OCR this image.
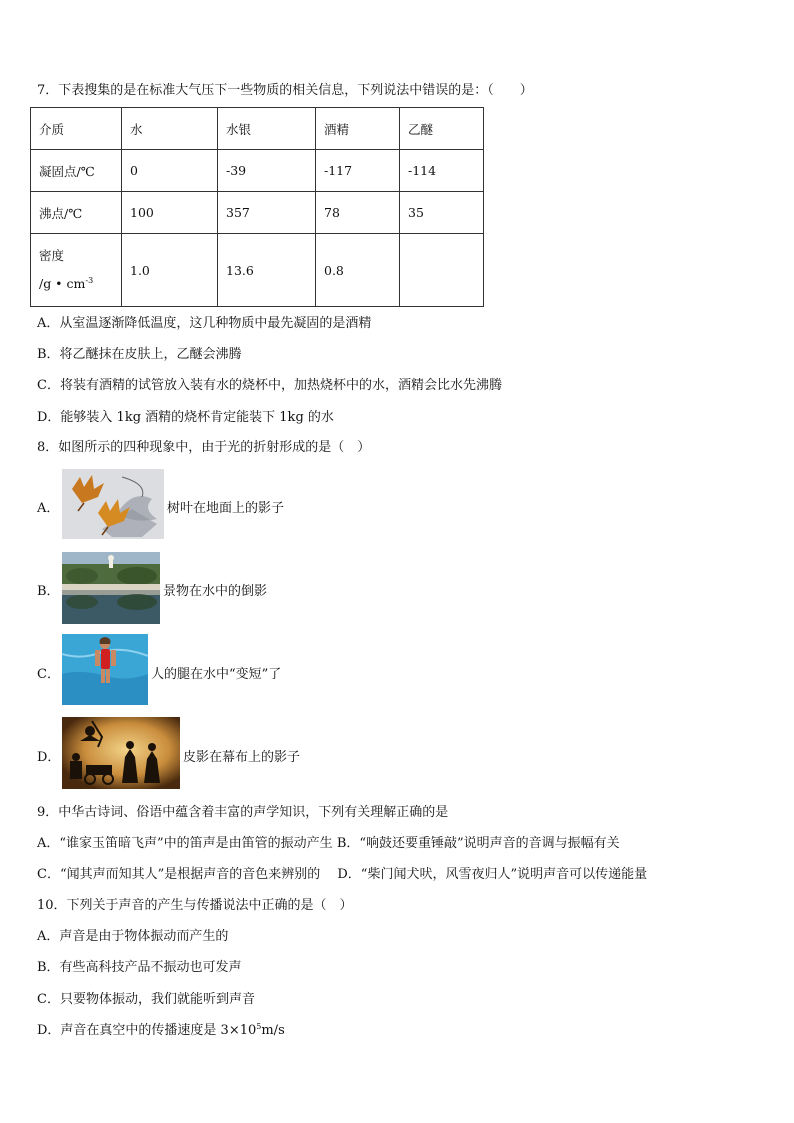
7．下表搜集的是在标准大气压下一些物质的相关信息，下列说法中错误的是：（　　）
介质	水	水银	酒精	乙醚
凝固点/℃	0	-39	-117	-114
沸点/℃	100	357	78	35

密度
/g • $cm^{-3}$	1.0	13.6	0.8	
A．从室温逐渐降低温度，这几种物质中最先凝固的是酒精
B．将乙醚抹在皮肤上，乙醚会沸腾
C．将装有酒精的试管放入装有水的烧杯中，加热烧杯中的水，酒精会比水先沸腾
D．能够装入 1kg 酒精的烧杯肯定能装下 1kg 的水
8．如图所示的四种现象中，由于光的折射形成的是（　）
A．	树叶在地面上的影子
B．	景物在水中的倒影
C．	人的腿在水中“变短”了
D．	皮影在幕布上的影子
9．中华古诗词、俗语中蕴含着丰富的声学知识，下列有关理解正确的是
A．“谁家玉笛暗飞声”中的笛声是由笛管的振动产生 B．“响鼓还要重锤敲”说明声音的音调与振幅有关
C．“闻其声而知其人”是根据声音的音色来辨别的　 D．“柴门闻犬吠，风雪夜归人”说明声音可以传递能量
10．下列关于声音的产生与传播说法中正确的是（　）
A．声音是由于物体振动而产生的
B．有些高科技产品不振动也可发声
C．只要物体振动，我们就能听到声音
D．声音在真空中的传播速度是 $3\times 10^5m/s$
